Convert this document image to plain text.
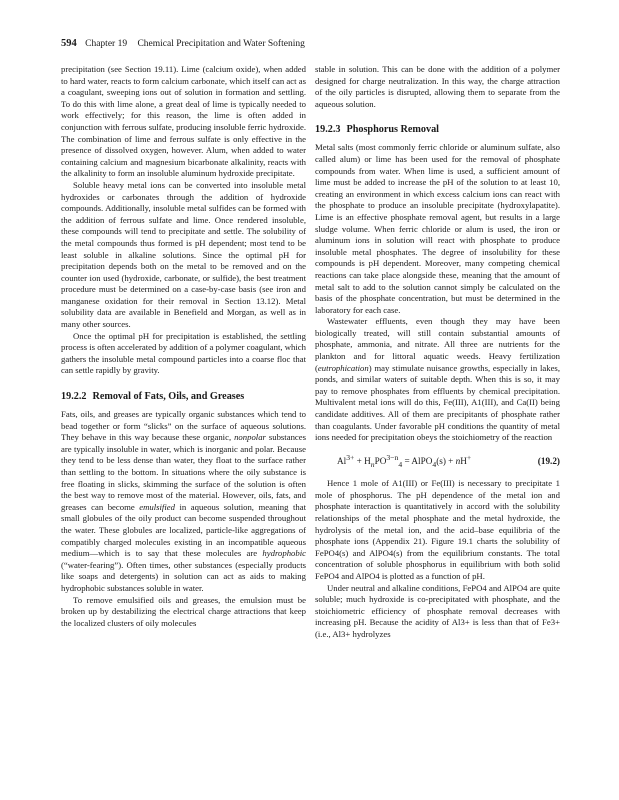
594 Chapter 19 Chemical Precipitation and Water Softening

precipitation (see Section 19.11). Lime (calcium oxide), when added to hard water, reacts to form calcium carbonate, which itself can act as a coagulant, sweeping ions out of solution in formation and settling. To do this with lime alone, a great deal of lime is typically needed to work effectively; for this reason, the lime is often added in conjunction with ferrous sulfate, producing insoluble ferric hydroxide. The combination of lime and ferrous sulfate is only effective in the presence of dissolved oxygen, however. Alum, when added to water containing calcium and magnesium bicarbonate alkalinity, reacts with the alkalinity to form an insoluble aluminum hydroxide precipitate.

Soluble heavy metal ions can be converted into insoluble metal hydroxides or carbonates through the addition of hydroxide compounds. Additionally, insoluble metal sulfides can be formed with the addition of ferrous sulfate and lime. Once rendered insoluble, these compounds will tend to precipitate and settle. The solubility of the metal compounds thus formed is pH dependent; most tend to be least soluble in alkaline solutions. Since the optimal pH for precipitation depends both on the metal to be removed and on the counter ion used (hydroxide, carbonate, or sulfide), the best treatment procedure must be determined on a case-by-case basis (see iron and manganese oxidation for their removal in Section 13.12). Metal solubility data are available in Benefield and Morgan, as well as in many other sources.

Once the optimal pH for precipitation is established, the settling process is often accelerated by addition of a polymer coagulant, which gathers the insoluble metal compound particles into a coarse floc that can settle rapidly by gravity.

19.2.2 Removal of Fats, Oils, and Greases

Fats, oils, and greases are typically organic substances which tend to bead together or form “slicks” on the surface of aqueous solutions. They behave in this way because these organic, nonpolar substances are typically insoluble in water, which is inorganic and polar. Because they tend to be less dense than water, they float to the surface rather than settling to the bottom. In situations where the oily substance is free floating in slicks, skimming the surface of the solution is often the best way to remove most of the material. However, oils, fats, and greases can become emulsified in aqueous solution, meaning that small globules of the oily product can become suspended throughout the water. These globules are localized, particle-like aggregations of compatibly charged molecules existing in an incompatible aqueous medium—which is to say that these molecules are hydrophobic (“water-fearing”). Often times, other substances (especially products like soaps and detergents) in solution can act as aids to making hydrophobic substances soluble in water.

To remove emulsified oils and greases, the emulsion must be broken up by destabilizing the electrical charge attractions that keep the localized clusters of oily molecules

stable in solution. This can be done with the addition of a polymer designed for charge neutralization. In this way, the charge attraction of the oily particles is disrupted, allowing them to separate from the aqueous solution.

19.2.3 Phosphorus Removal

Metal salts (most commonly ferric chloride or aluminum sulfate, also called alum) or lime has been used for the removal of phosphate compounds from water. When lime is used, a sufficient amount of lime must be added to increase the pH of the solution to at least 10, creating an environment in which excess calcium ions can react with the phosphate to produce an insoluble precipitate (hydroxylapatite). Lime is an effective phosphate removal agent, but results in a large sludge volume. When ferric chloride or alum is used, the iron or aluminum ions in solution will react with phosphate to produce insoluble metal phosphates. The degree of insolubility for these compounds is pH dependent. Moreover, many competing chemical reactions can take place alongside these, meaning that the amount of metal salt to add to the solution cannot simply be calculated on the basis of the phosphate concentration, but must be determined in the laboratory for each case.

Wastewater effluents, even though they may have been biologically treated, will still contain substantial amounts of phosphate, ammonia, and nitrate. All three are nutrients for the plankton and for littoral aquatic weeds. Heavy fertilization (eutrophication) may stimulate nuisance growths, especially in lakes, ponds, and similar waters of suitable depth. When this is so, it may pay to remove phosphates from effluents by chemical precipitation. Multivalent metal ions will do this, Fe(III), A1(III), and Ca(II) being candidate additives. All of them are precipitants of phosphate rather than coagulants. Under favorable pH conditions the quantity of metal ions needed for precipitation obeys the stoichiometry of the reaction

$Al^{3+} + H_nPO^{3-n}_4$ = AlPO$_4$(s) + nH+	(19.2)

Hence 1 mole of A1(III) or Fe(III) is necessary to precipitate 1 mole of phosphorus. The pH dependence of the metal ion and phosphate interaction is quantitatively in accord with the solubility relationships of the metal phosphate and the metal hydroxide, the hydrolysis of the metal ion, and the acid–base equilibria of the phosphate ions (Appendix 21). Figure 19.1 charts the solubility of FePO4(s) and AlPO4(s) from the equilibrium constants. The total concentration of soluble phosphorus in equilibrium with both solid FePO4 and AlPO4 is plotted as a function of pH.

Under neutral and alkaline conditions, FePO4 and AlPO4 are quite soluble; much hydroxide is co-precipitated with phosphate, and the stoichiometric efficiency of phosphate removal decreases with increasing pH. Because the acidity of Al3+ is less than that of Fe3+ (i.e., Al3+ hydrolyzes
